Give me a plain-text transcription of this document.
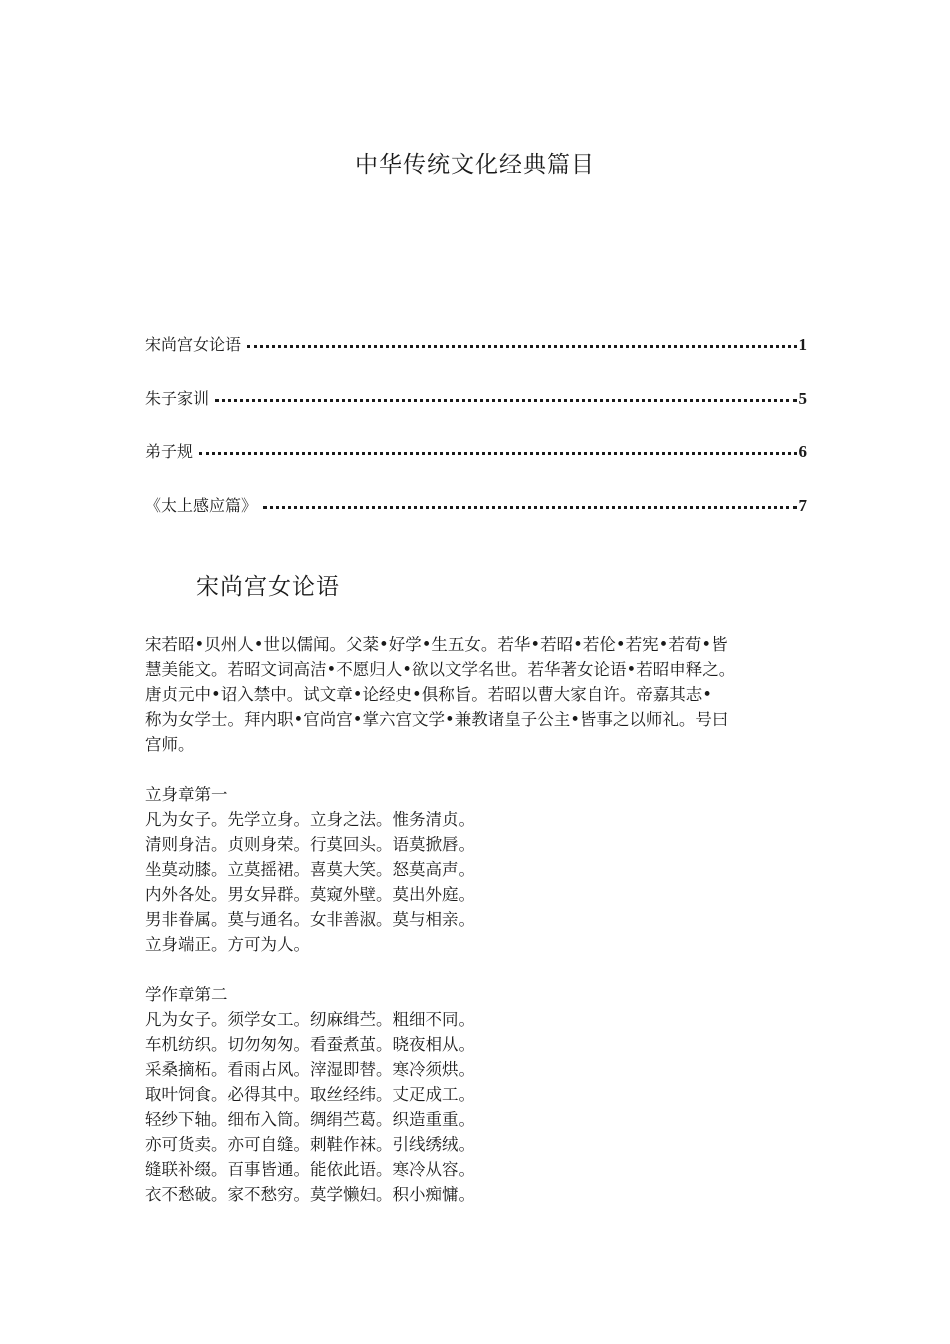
中华传统文化经典篇目
宋尚宫女论语	1
朱子家训	5
弟子规	6
《太上感应篇》	7
宋尚宫女论语

宋若昭•贝州人•世以儒闻。父棻•好学•生五女。若华•若昭•若伦•若宪•若荀•皆

慧美能文。若昭文词高洁•不愿归人•欲以文学名世。若华著女论语•若昭申释之。

唐贞元中•诏入禁中。试文章•论经史•俱称旨。若昭以曹大家自许。帝嘉其志•

称为女学士。拜内职•官尚宫•掌六宫文学•兼教诸皇子公主•皆事之以师礼。号曰

宫师。

立身章第一

凡为女子。先学立身。立身之法。惟务清贞。

清则身洁。贞则身荣。行莫回头。语莫掀唇。

坐莫动膝。立莫摇裙。喜莫大笑。怒莫高声。

内外各处。男女异群。莫窥外壁。莫出外庭。

男非眷属。莫与通名。女非善淑。莫与相亲。

立身端正。方可为人。

学作章第二

凡为女子。须学女工。纫麻缉苎。粗细不同。

车机纺织。切勿匆匆。看蚕煮茧。晓夜相从。

采桑摘柘。看雨占风。滓湿即替。寒冷须烘。

取叶饲食。必得其中。取丝经纬。丈疋成工。

轻纱下轴。细布入筒。绸绢苎葛。织造重重。

亦可货卖。亦可自缝。刺鞋作袜。引线绣绒。

缝联补缀。百事皆通。能依此语。寒冷从容。

衣不愁破。家不愁穷。莫学懒妇。积小痴慵。
